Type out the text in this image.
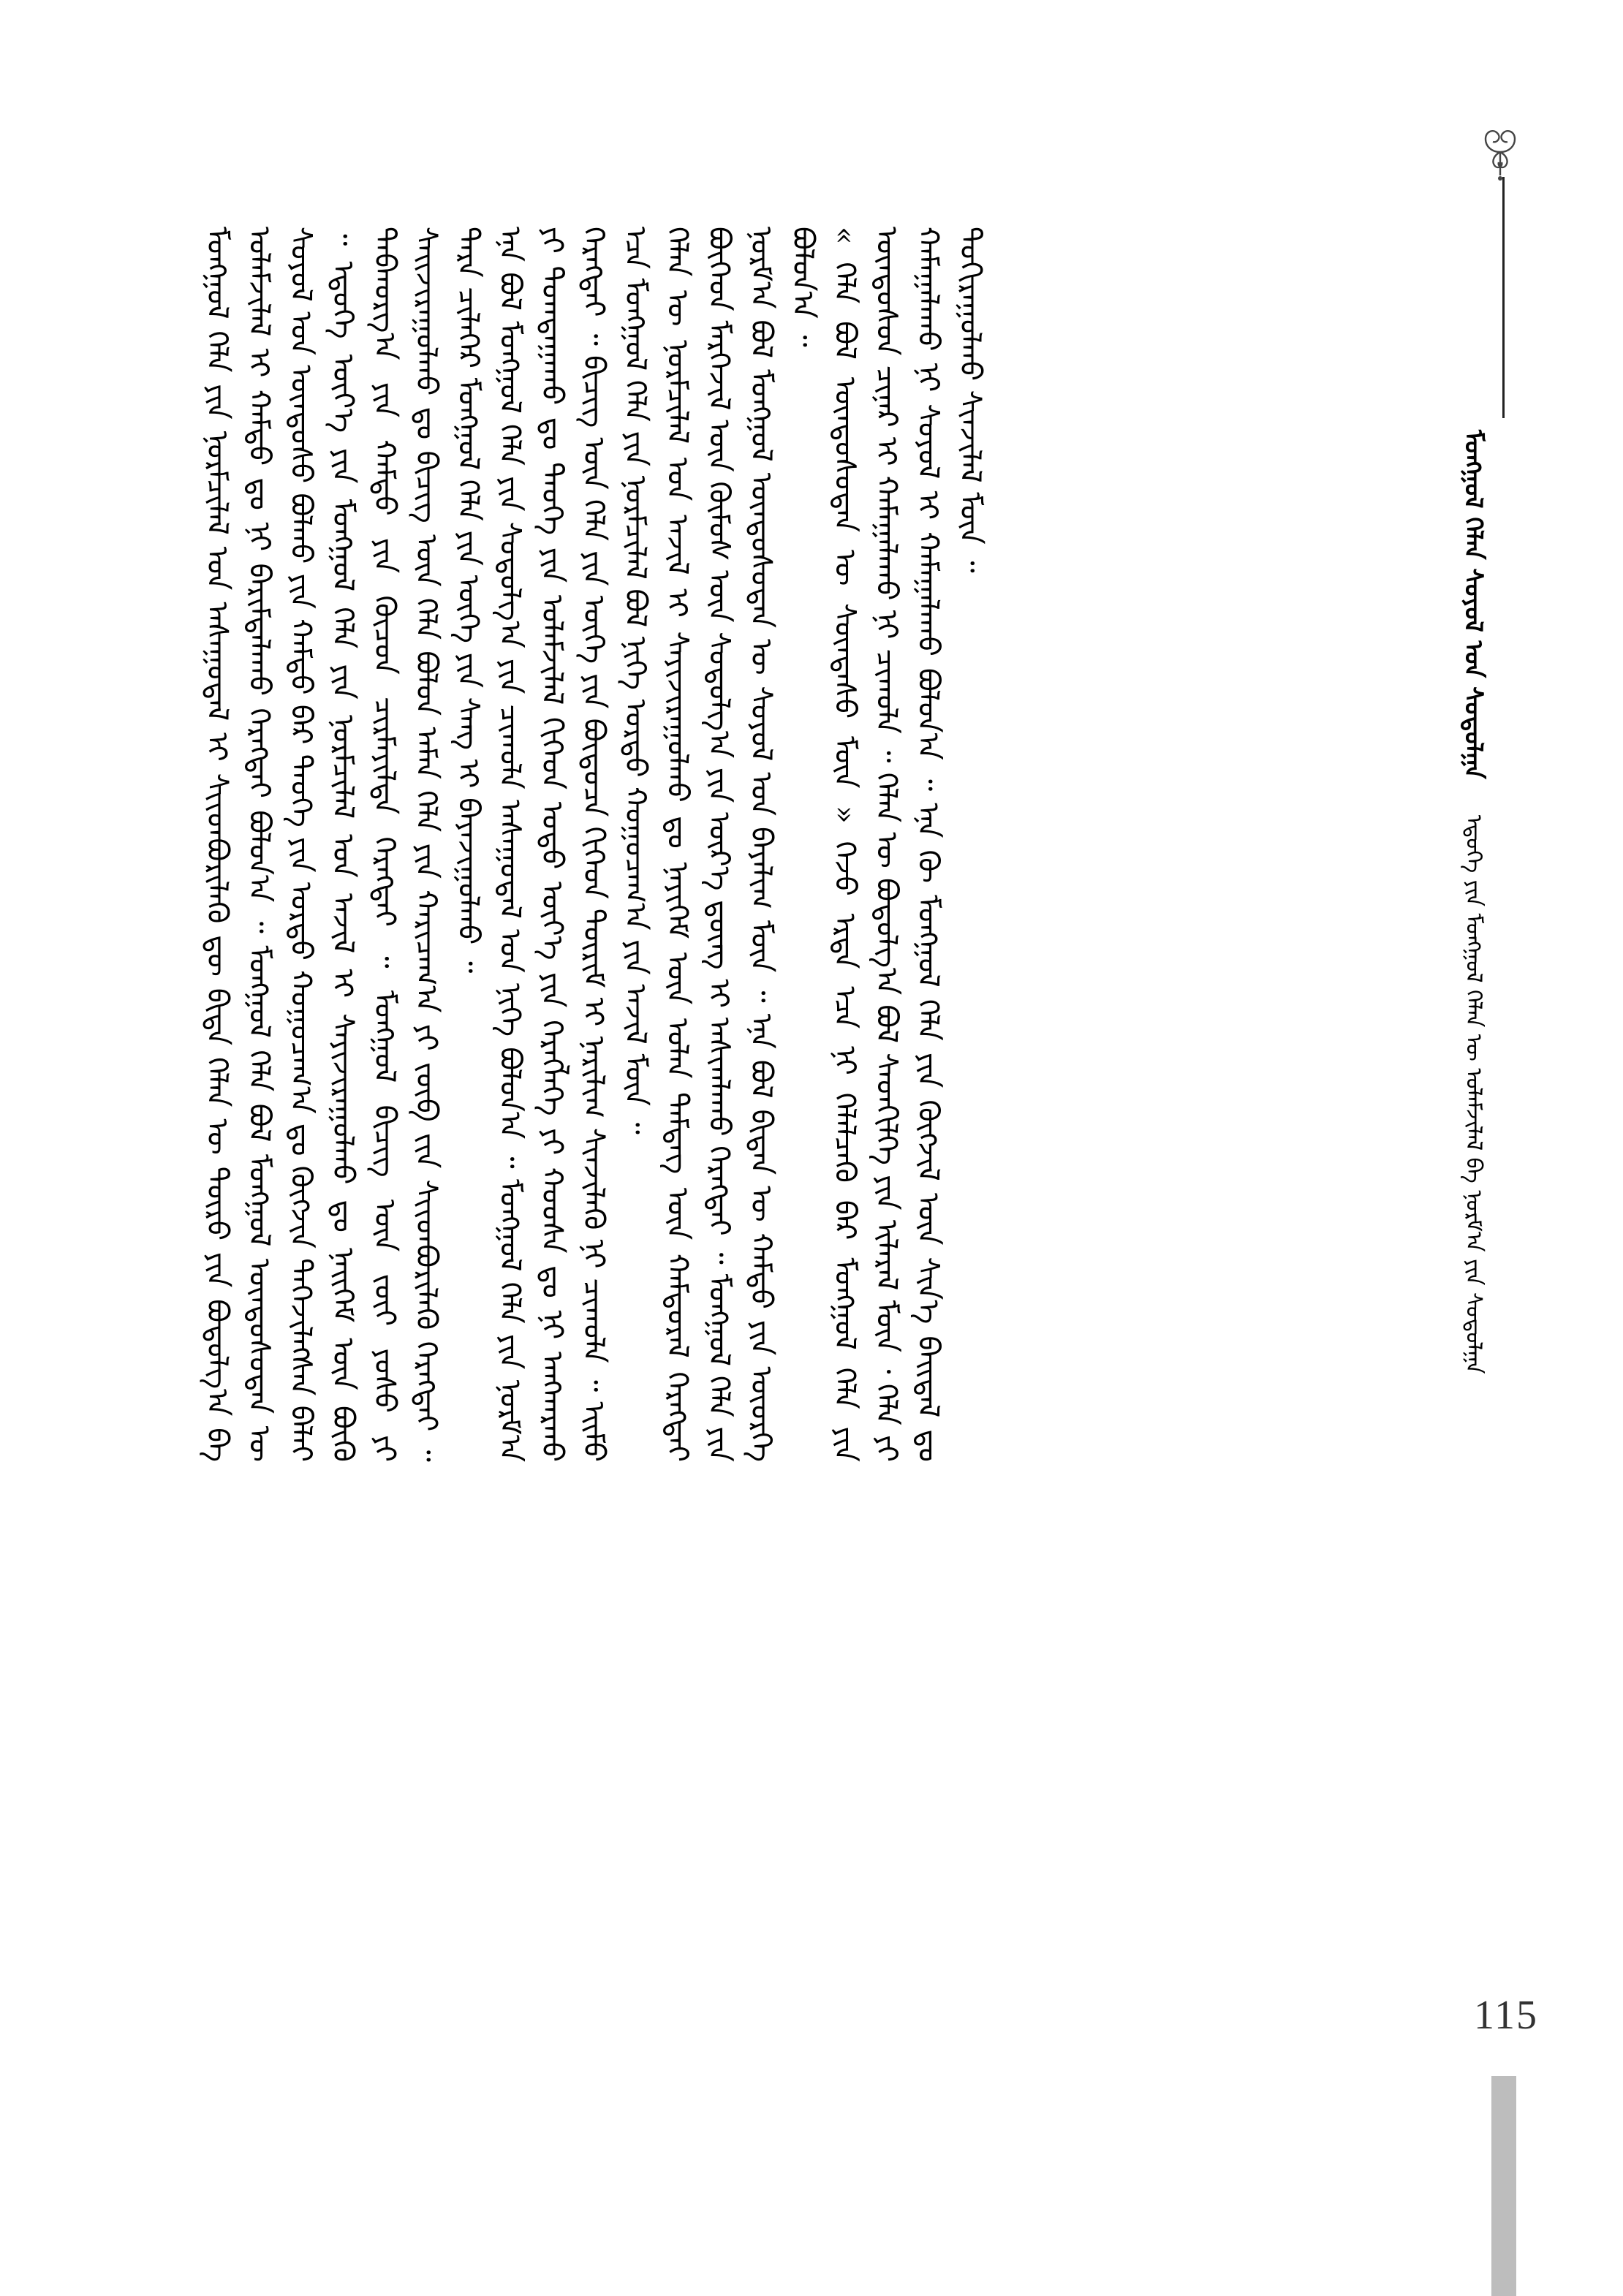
ᠮᠣᠩᠭᠣᠯ ᠬᠡᠯᠡᠨ ᠰᠣᠶᠣᠯ ᠤᠨ ᠰᠤᠳᠤᠯᠭᠠ  ᠡᠳᠦᠭᠡ ᠶᠢᠨ ᠮᠣᠩᠭᠣᠯ ᠬᠡᠯᠡᠨ ᠦ ᠤᠯᠠᠮᠵᠢᠯᠠᠯ ᠪᠠ ᠨᠣᠷᠮ᠎ᠠ ᠶᠢᠨ ᠰᠤᠳᠤᠯᠭᠠ

ᠮᠣᠩᠭᠣᠯ ᠬᠡᠯᠡ ᠶᠢᠨ ᠨᠣᠷᠮᠴᠢᠯᠠᠯ ᠤᠨ ᠠᠰᠠᠭᠤᠳᠠᠯ ᠢ ᠰᠢᠢᠳᠪᠦᠷᠢᠯᠡᠬᠦ ᠳᠦ ᠪᠢᠳᠡ ᠬᠡᠯᠡᠨ ᠦ ᠲᠥᠷᠥ ᠶᠢᠨ ᠪᠣᠳᠤᠯᠭ᠎ᠠ ᠪᠠ ᠤᠯᠠᠮᠵᠢᠯᠠᠯ ᠢ ᠬᠠᠮᠲᠤ ᠳᠤ ᠨᠢ ᠪᠠᠷᠢᠮᠲᠠᠯᠠᠬᠤ ᠬᠡᠷᠡᠭᠲᠡᠢ ᠪᠣᠯᠤᠨ᠎ᠠ ᠃ ᠮᠣᠩᠭᠣᠯ ᠬᠡᠯᠡ ᠪᠣᠯ ᠮᠣᠩᠭᠣᠯ ᠦᠨᠳᠦᠰᠦᠲᠡᠨ ᠦ ᠰᠣᠶᠣᠯ ᠤᠨ ᠦᠨᠳᠦᠰᠦ ᠪᠣᠯᠬᠤ ᠶᠢᠨ ᠬᠠᠮᠲᠤ ᠪᠠᠷ ᠲᠡᠦᠬᠡ ᠶᠢᠨ ᠤᠷᠲᠤ ᠬᠤᠭᠤᠴᠠᠭ᠎ᠠ ᠳᠤ ᠬᠥᠭᠵᠢᠨ ᠳᠡᠭᠡᠵᠢᠯᠡᠭᠰᠡᠨ ᠪᠠᠯᠠᠢ ᠃ ᠡᠳᠦᠭᠡ ᠦᠶ᠎ᠡ ᠶᠢᠨ ᠮᠣᠩᠭᠣᠯ ᠬᠡᠯᠡ ᠶᠢᠨ ᠨᠣᠷᠮᠴᠢᠯᠠᠯ ᠤᠨ ᠠᠵᠢᠯ ᠢ ᠰᠠᠶᠢᠵᠢᠷᠠᠭᠤᠯᠬᠤ ᠳᠤ ᠨᠡᠢᠭᠡᠮ ᠦᠨ ᠪᠦᠬᠦ ᠳᠠᠪᠬᠤᠷᠭ᠎ᠠ ᠶᠢᠨ ᠬᠠᠮᠲᠤ ᠶᠢᠨ ᠬᠦᠴᠦᠨ ᠴᠢᠷᠮᠠᠶᠢᠯᠲᠠ ᠬᠡᠷᠡᠭᠲᠡᠢ ᠃ ᠮᠣᠩᠭᠣᠯ ᠪᠢᠴᠢᠭ ᠦᠨ ᠵᠦᠢ ᠶᠣᠰᠣ ᠶᠢ ᠰᠠᠢᠵᠢᠷᠠᠭᠤᠯᠬᠤ ᠳᠤ ᠪᠢᠴᠢᠭ ᠦᠨ ᠬᠡᠯᠡ ᠪᠣᠯᠤᠨ ᠠᠮᠠᠨ ᠬᠡᠯᠡ ᠶᠢᠨ ᠬᠠᠷᠢᠴᠠᠭ᠎ᠠ ᠶᠢ ᠵᠥᠪ ᠵᠢᠨ ᠰᠢᠢᠳᠪᠦᠷᠢᠯᠡᠬᠦ ᠬᠡᠷᠡᠭᠲᠡᠢ ᠃ ᠲᠡᠷᠡ ᠴᠢᠯᠡᠭᠡᠷ ᠮᠣᠩᠭᠣᠯ ᠬᠡᠯᠡ ᠶᠢᠨ ᠦᠭᠡ ᠶᠢᠨ ᠰᠠᠩ ᠢ ᠪᠠᠶᠠᠵᠢᠭᠤᠯᠬᠤ ᠃ ᠡᠨᠡ ᠪᠣᠯ ᠮᠣᠩᠭᠣᠯ ᠬᠡᠯᠡ ᠶᠢᠨ ᠰᠤᠳᠤᠯᠭ᠎ᠠ ᠶᠢᠨ ᠴᠢᠬᠤᠯᠠ ᠠᠰᠠᠭᠤᠳᠠᠯ ᠤᠨ ᠨᠢᠭᠡ ᠪᠣᠯᠤᠨ᠎ᠠ ᠃ ᠮᠣᠩᠭᠣᠯ ᠬᠡᠯᠡ ᠶᠢᠨ ᠨᠣᠷᠮ᠎ᠠ ᠶᠢ ᠲᠣᠭᠲᠠᠭᠠᠬᠤ ᠳᠤ ᠲᠡᠦᠬᠡ ᠶᠢᠨ ᠤᠯᠠᠮᠵᠢᠯᠠᠯ ᠬᠢᠭᠡᠳ ᠣᠳᠣ ᠦᠶ᠎ᠡ ᠶᠢᠨ ᠬᠡᠷᠡᠭᠯᠡᠭᠡ ᠶᠢ ᠬᠣᠣᠰᠠ ᠳᠤ ᠨᠢ ᠠᠩᠬᠠᠷᠬᠤ ᠬᠡᠷᠡᠭᠲᠡᠢ ᠃ ᠪᠢᠴᠢᠭ ᠦᠨ ᠬᠡᠯᠡ ᠶᠢᠨ ᠦᠭᠡ ᠶᠢᠨ ᠪᠦᠲᠦᠴᠡ ᠬᠢᠭᠡᠳ ᠳᠦᠷᠢᠮ ᠢ ᠨᠠᠷᠢᠯᠢᠭ ᠰᠢᠨᠵᠢᠯᠡᠬᠦ ᠨᠢ ᠴᠢᠬᠤᠯᠠ ᠃ ᠡᠢᠮᠦ ᠡᠴᠡ ᠮᠣᠩᠭᠣᠯ ᠬᠡᠯᠡ ᠶᠢᠨ ᠨᠣᠷᠮᠴᠢᠯᠠᠯ ᠪᠣᠯ ᠨᠢᠭᠡ ᠤᠷᠲᠤ ᠬᠤᠭᠤᠴᠠᠭ᠎ᠠ ᠶᠢᠨ ᠠᠵᠢᠯ ᠮᠥᠨ ᠃ ᠬᠡᠯᠡᠨ ᠦ ᠨᠣᠷᠮᠴᠢᠯᠠᠯ ᠤᠨ ᠠᠵᠢᠯ ᠢ ᠰᠠᠶᠢᠵᠢᠷᠠᠭᠤᠯᠬᠤ ᠳᠤ ᠨᠡᠶᠢᠭᠡᠮ ᠦᠨ ᠣᠯᠠᠨ ᠲᠡᠮᠳᠡᠭ ᠦᠨ ᠬᠠᠮᠲᠤᠷᠠᠯ ᠬᠡᠷᠡᠭᠲᠡᠢ ᠪᠥᠭᠡᠳ ᠮᠡᠷᠭᠡᠵᠢᠯ ᠦᠨ ᠬᠦᠮᠦᠰ ᠦᠨ ᠰᠤᠳᠤᠯᠭ᠎ᠠ ᠶᠢᠨ ᠦᠷ᠎ᠡ ᠳ᠋ᠦᠩ ᠢ ᠠᠰᠢᠭᠯᠠᠬᠤ ᠬᠡᠷᠡᠭᠲᠡᠢ ᠃ ᠮᠣᠩᠭᠣᠯ ᠬᠡᠯᠡ ᠶᠢᠨ ᠨᠣᠷᠮ᠎ᠠ ᠪᠣᠯ ᠮᠣᠩᠭᠣᠯ ᠦᠨᠳᠦᠰᠦᠲᠡᠨ ᠦ ᠰᠣᠶᠣᠯ ᠤᠨ ᠪᠠᠶᠠᠯᠢᠭ ᠮᠥᠨ ᠃ ᠡᠨᠡ ᠪᠣᠯ ᠪᠢᠳᠡᠨ ᠦ ᠬᠠᠮᠲᠤ ᠶᠢᠨ ᠦᠦᠷᠭᠡ ᠪᠣᠯᠤᠨ᠎ᠠ ᠃ « ᠬᠡᠯᠡ ᠪᠣᠯ ᠦᠨᠳᠦᠰᠦᠲᠡᠨ ᠦ ᠰᠦᠨᠳᠡᠰᠦ ᠮᠥᠨ » ᠭᠡᠵᠦ ᠡᠷᠲᠡ ᠡᠴᠡ ᠨᠢ ᠬᠡᠯᠡᠯᠴᠡᠬᠦ ᠪᠠᠷ ᠮᠣᠩᠭᠣᠯ ᠬᠡᠯᠡ ᠶᠢᠨ ᠦᠨᠳᠦᠰᠦᠨ ᠴᠢᠨᠠᠷ ᠢ ᠬᠠᠮᠠᠭᠠᠯᠠᠬᠤ ᠨᠢ ᠴᠢᠬᠤᠯᠠ ᠃ ᠬᠡᠯᠡᠨ ᠦ ᠪᠣᠳᠤᠯᠭ᠎ᠠ ᠪᠣᠯ ᠰᠡᠳᠬᠢᠯᠭᠡ ᠶᠢᠨ ᠢᠯᠡᠷᠡᠯ ᠮᠥᠨ ᠂ ᠬᠡᠯᠡ ᠶᠢ ᠬᠠᠮᠠᠭᠠᠯᠠᠬᠤ ᠨᠢ ᠰᠣᠶᠣᠯ ᠢ ᠬᠠᠮᠠᠭᠠᠯᠠᠬᠤ ᠪᠣᠯᠤᠨ᠎ᠠ ᠃ ᠡᠨᠡ ᠬᠦ ᠮᠣᠩᠭᠣᠯ ᠬᠡᠯᠡ ᠶᠢᠨ ᠬᠥᠭᠵᠢᠯ ᠦᠨ ᠰᠢᠨ᠎ᠡ ᠪᠠᠢᠳᠠᠯ ᠳᠤ ᠲᠣᠬᠢᠷᠠᠭᠤᠯᠬᠤ ᠰᠢᠨᠵᠢᠯᠡᠯ ᠮᠥᠨ ᠃

115
